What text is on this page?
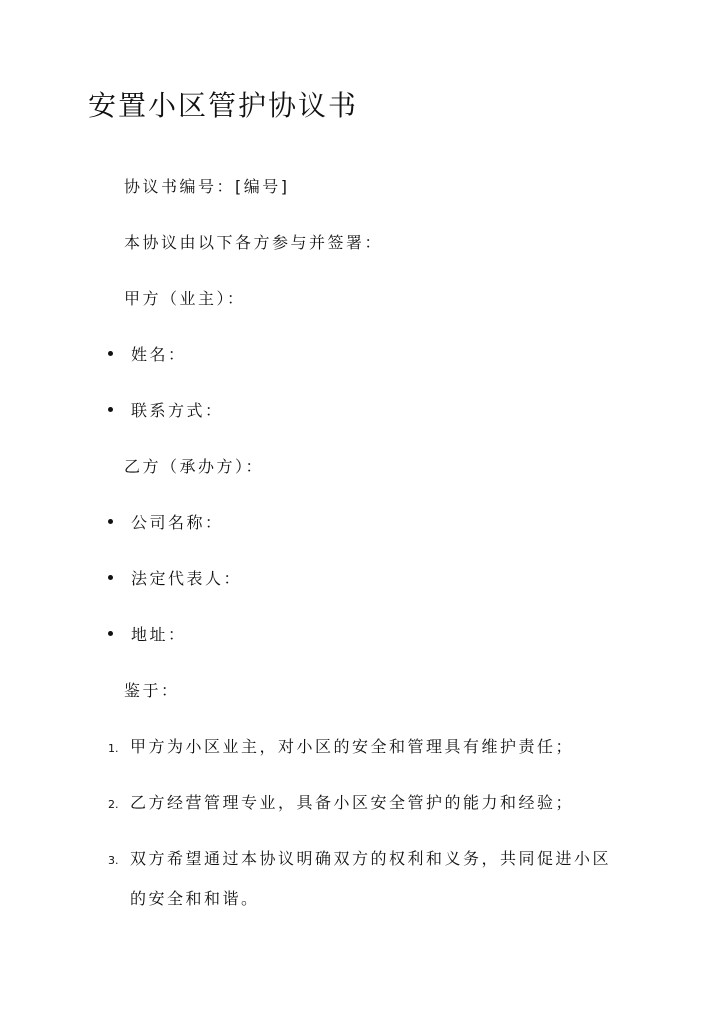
安置小区管护协议书
协议书编号：[编号]
本协议由以下各方参与并签署：
甲方（业主）：
姓名：
联系方式：
乙方（承办方）：
公司名称：
法定代表人：
地址：
鉴于：
1. 甲方为小区业主，对小区的安全和管理具有维护责任；
2. 乙方经营管理专业，具备小区安全管护的能力和经验；
3. 双方希望通过本协议明确双方的权利和义务，共同促进小区
的安全和和谐。
